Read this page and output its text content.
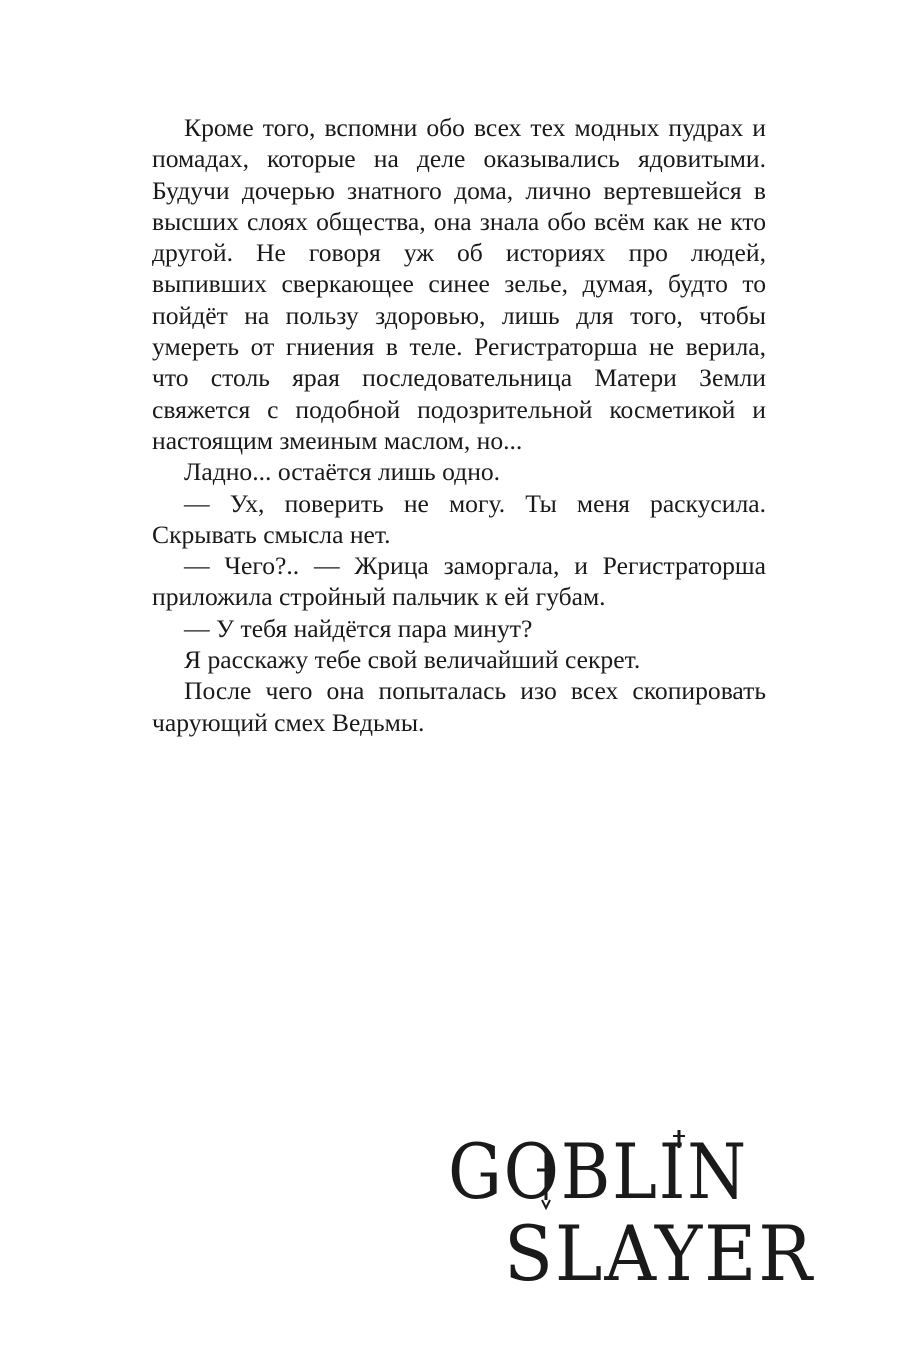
Кроме того, вспомни обо всех тех модных пудрах и помадах, которые на деле оказывались ядовитыми. Будучи дочерью знатного дома, лично вертевшейся в высших слоях общества, она знала обо всём как не кто другой. Не говоря уж об историях про людей, выпивших сверкающее синее зелье, думая, будто то пойдёт на пользу здоровью, лишь для того, чтобы умереть от гниения в теле. Регистраторша не верила, что столь ярая последовательница Матери Земли свяжется с подобной подозрительной косметикой и настоящим змеиным маслом, но...

Ладно... остаётся лишь одно.

— Ух, поверить не могу. Ты меня раскусила. Скрывать смысла нет.

— Чего?.. — Жрица заморгала, и Регистраторша приложила стройный пальчик к ей губам.

— У тебя найдётся пара минут?

Я расскажу тебе свой величайший секрет.

После чего она попыталась изо всех скопировать чарующий смех Ведьмы.

GOBLIN
SLAYER
